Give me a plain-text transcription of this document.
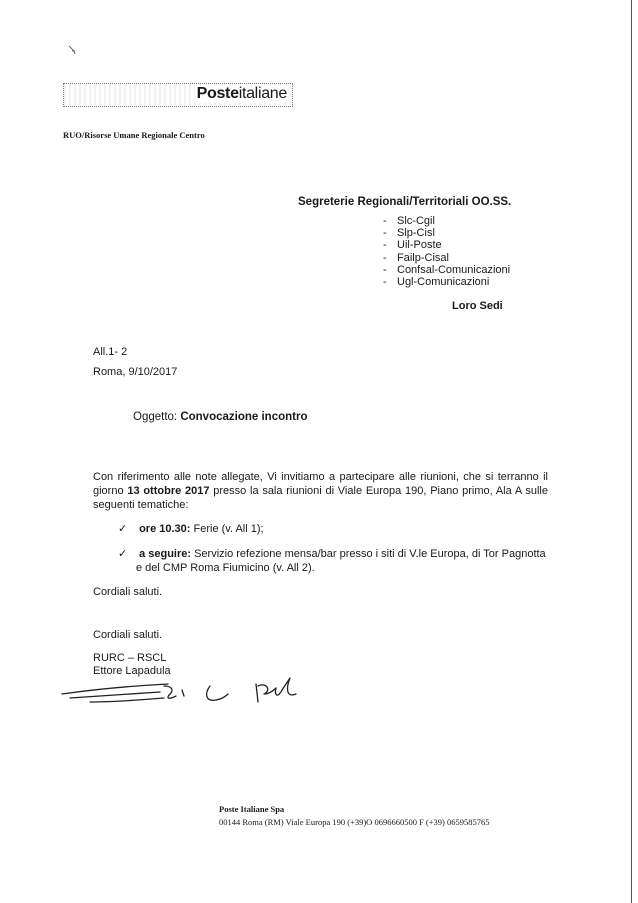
Posteitaliane
RUO/Risorse Umane Regionale Centro
Segreterie Regionali/Territoriali OO.SS.
- Slc-Cgil
- Slp-Cisl
- Uil-Poste
- Failp-Cisal
- Confsal-Comunicazioni
- Ugl-Comunicazioni
Loro Sedi
All.1- 2
Roma, 9/10/2017
Oggetto: Convocazione incontro
Con riferimento alle note allegate, Vi invitiamo a partecipare alle riunioni, che si terranno il giorno 13 ottobre 2017 presso la sala riunioni di Viale Europa 190, Piano primo, Ala A sulle seguenti tematiche:
✓ ore 10.30: Ferie (v. All 1);
✓ a seguire: Servizio refezione mensa/bar presso i siti di V.le Europa, di Tor Pagnotta
e del CMP Roma Fiumicino (v. All 2).
Cordiali saluti.
Cordiali saluti.
RURC – RSCL
Ettore Lapadula
Poste Italiane Spa
00144 Roma (RM) Viale Europa 190 (+39)O 0696660500 F (+39) 0659585765
